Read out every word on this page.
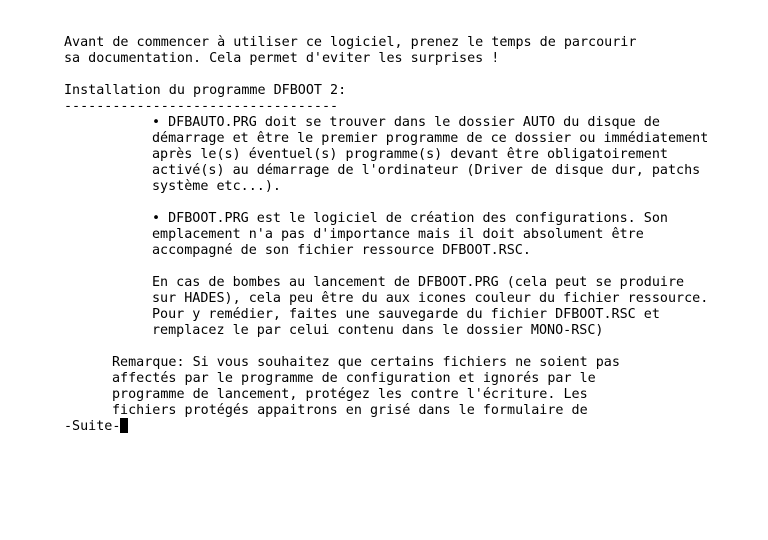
Avant de commencer à utiliser ce logiciel, prenez le temps de parcourir
sa documentation. Cela permet d'eviter les surprises !
Installation du programme DFBOOT 2:
----------------------------------
• DFBAUTO.PRG doit se trouver dans le dossier AUTO du disque de
démarrage et être le premier programme de ce dossier ou immédiatement
après le(s) éventuel(s) programme(s) devant être obligatoirement
activé(s) au démarrage de l'ordinateur (Driver de disque dur, patchs
système etc...).
• DFBOOT.PRG est le logiciel de création des configurations. Son
emplacement n'a pas d'importance mais il doit absolument être
accompagné de son fichier ressource DFBOOT.RSC.
En cas de bombes au lancement de DFBOOT.PRG (cela peut se produire
sur HADES), cela peu être du aux icones couleur du fichier ressource.
Pour y remédier, faites une sauvegarde du fichier DFBOOT.RSC et
remplacez le par celui contenu dans le dossier MONO-RSC)
Remarque: Si vous souhaitez que certains fichiers ne soient pas
affectés par le programme de configuration et ignorés par le
programme de lancement, protégez les contre l'écriture. Les
fichiers protégés appaitrons en grisé dans le formulaire de
-Suite-
